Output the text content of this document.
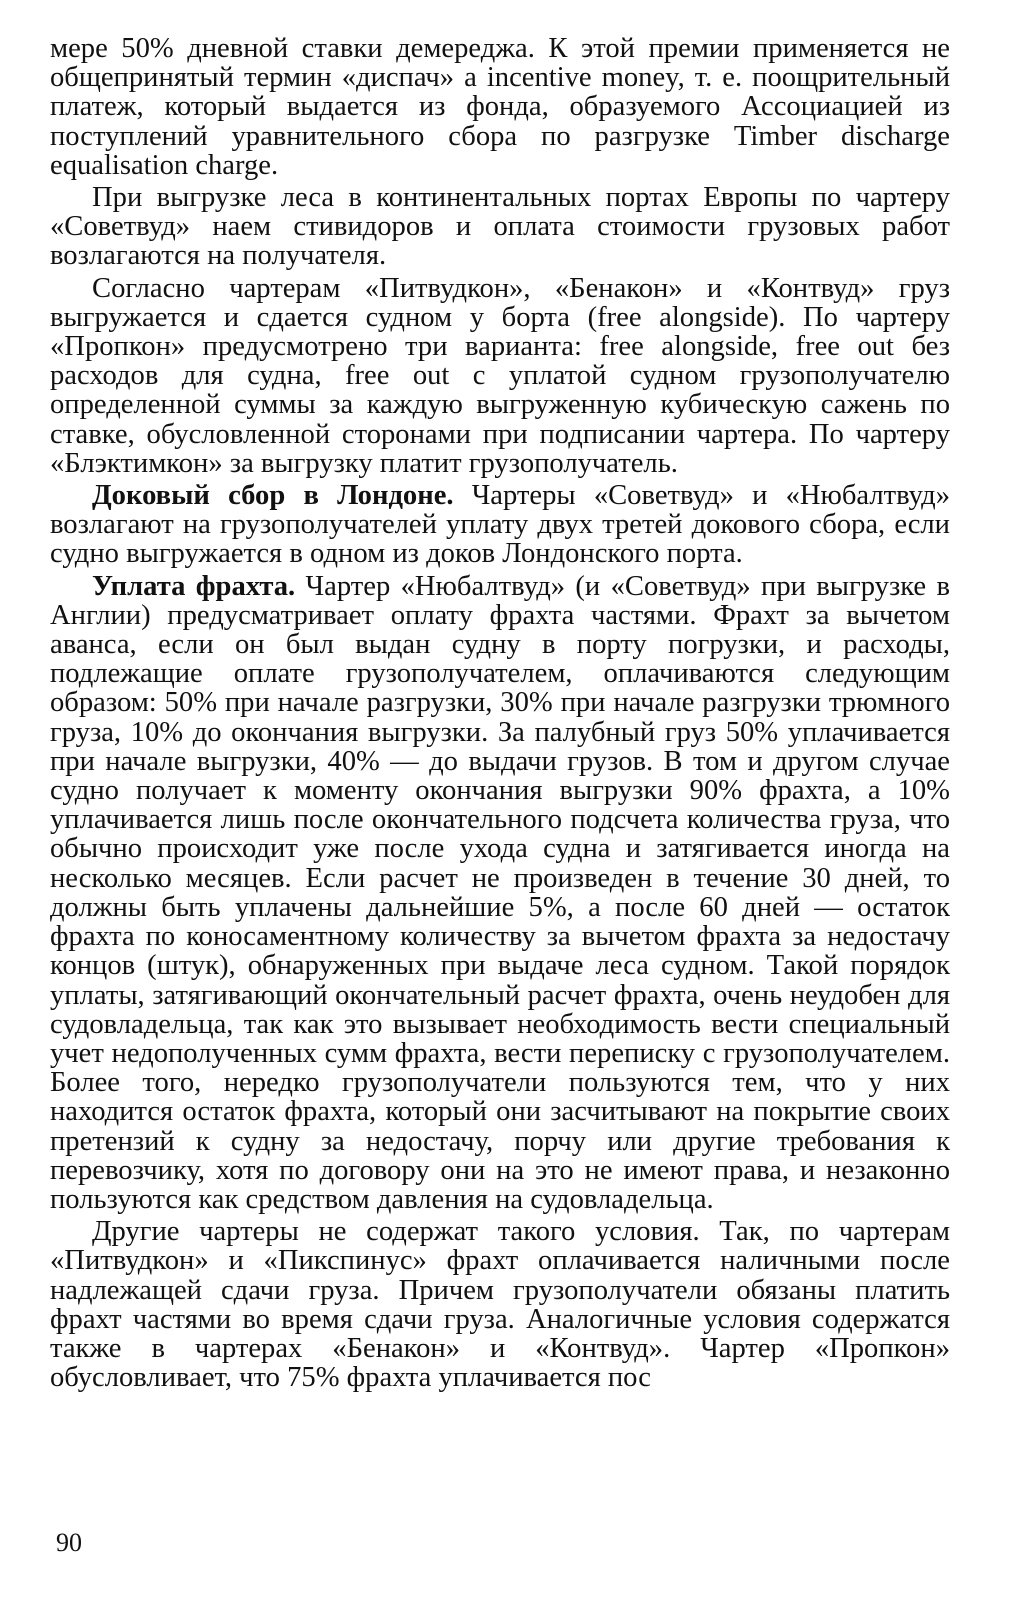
мере 50% дневной ставки демереджа. К этой премии применяется не общепринятый термин «диспач» а incentive money, т. е. поощрительный платеж, который выдается из фонда, образуемого Ассоциацией из поступлений уравнительного сбора по разгрузке Timber discharge equalisation charge.

При выгрузке леса в континентальных портах Европы по чартеру «Советвуд» наем стивидоров и оплата стоимости грузовых работ возлагаются на получателя.

Согласно чартерам «Питвудкон», «Бенакон» и «Контвуд» груз выгружается и сдается судном у борта (free alongside). По чартеру «Пропкон» предусмотрено три варианта: free alongside, free out без расходов для судна, free out с уплатой судном грузополучателю определенной суммы за каждую выгруженную кубическую сажень по ставке, обусловленной сторонами при подписании чартера. По чартеру «Блэктимкон» за выгрузку платит грузополучатель.

Доковый сбор в Лондоне. Чартеры «Советвуд» и «Нюбалтвуд» возлагают на грузополучателей уплату двух третей докового сбора, если судно выгружается в одном из доков Лондонского порта.

Уплата фрахта. Чартер «Нюбалтвуд» (и «Советвуд» при выгрузке в Англии) предусматривает оплату фрахта частями. Фрахт за вычетом аванса, если он был выдан судну в порту погрузки, и расходы, подлежащие оплате грузополучателем, оплачиваются следующим образом: 50% при начале разгрузки, 30% при начале разгрузки трюмного груза, 10% до окончания выгрузки. За палубный груз 50% уплачивается при начале выгрузки, 40% — до выдачи грузов. В том и другом случае судно получает к моменту окончания выгрузки 90% фрахта, а 10% уплачивается лишь после окончательного подсчета количества груза, что обычно происходит уже после ухода судна и затягивается иногда на несколько месяцев. Если расчет не произведен в течение 30 дней, то должны быть уплачены дальнейшие 5%, а после 60 дней — остаток фрахта по коносаментному количеству за вычетом фрахта за недостачу концов (штук), обнаруженных при выдаче леса судном. Такой порядок уплаты, затягивающий окончательный расчет фрахта, очень неудобен для судовладельца, так как это вызывает необходимость вести специальный учет недополученных сумм фрахта, вести переписку с грузополучателем. Более того, нередко грузополучатели пользуются тем, что у них находится остаток фрахта, который они засчитывают на покрытие своих претензий к судну за недостачу, порчу или другие требования к перевозчику, хотя по договору они на это не имеют права, и незаконно пользуются как средством давления на судовладельца.

Другие чартеры не содержат такого условия. Так, по чартерам «Питвудкон» и «Пикспинус» фрахт оплачивается наличными после надлежащей сдачи груза. Причем грузополучатели обязаны платить фрахт частями во время сдачи груза. Аналогичные условия содержатся также в чартерах «Бенакон» и «Контвуд». Чартер «Пропкон» обусловливает, что 75% фрахта уплачивается пос

90
